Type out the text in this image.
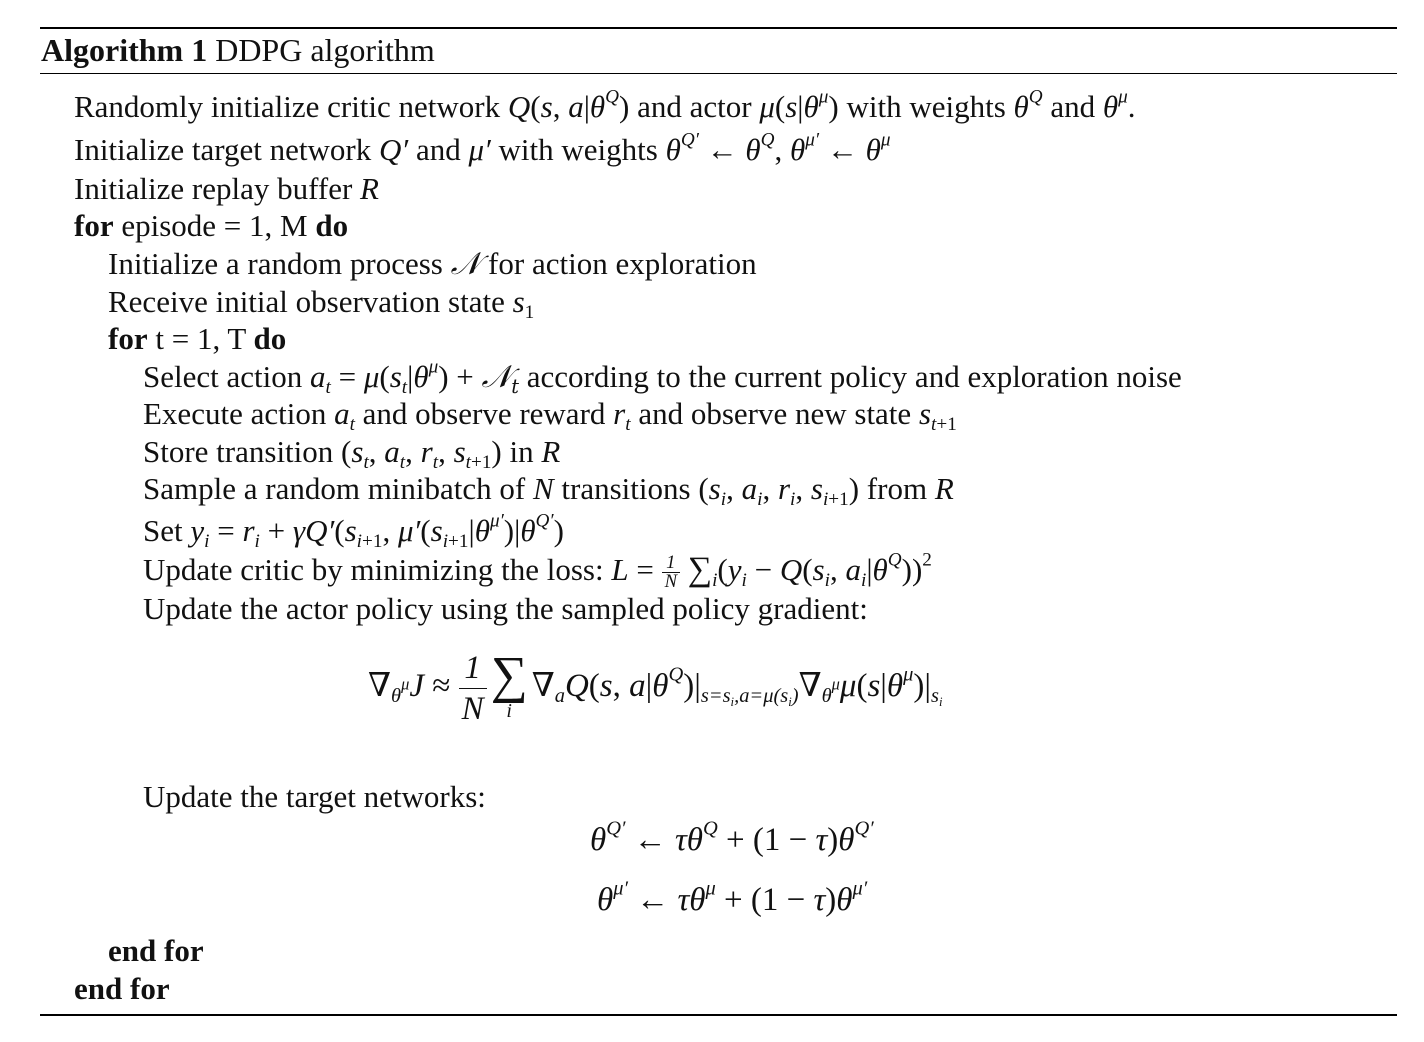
Algorithm 1 DDPG algorithm
Randomly initialize critic network Q(s, $a|\theta^Q$) and actor $\mu(s|\theta^\mu)$ with weights $\theta^Q$ and $\theta^\mu$.
Initialize target network Q′ and μ′ with weights $\theta^{Q'}$ ← $\theta^Q$, $\theta^{\mu'}$ ← $\theta^\mu$
Initialize replay buffer R
for episode = 1, M do
Initialize a random process 𝒩 for action exploration
Receive initial observation state $s_1$
for t = 1, T do
Select action $a_t = \mu(s_t|\theta^\mu)$ + 𝒩$_t$ according to the current policy and exploration noise
Execute action $a_t$ and observe reward $r_t$ and observe new state $s_{t+1}$
Store transition ($s_t$, $a_t$, $r_t$, $s_{t+1}$) in R
Sample a random minibatch of N transitions ($s_i$, $a_i$, $r_i$, $s_{i+1}$) from R
Set $y_i = r_i + \gamma Q'(s_{i+1}$, $\mu'(s_{i+1}|\theta^{\mu'})|\theta^{Q'}$)
Update critic by minimizing the loss: $L = \frac{1}{N} \sum_i(y_i - Q(s_i$, $a_i|\theta^Q))^2$
Update the actor policy using the sampled policy gradient:
$\nabla_{\theta^\mu}J \approx \frac{1}{N}$ ∑
i
$\nabla_aQ(s$, $a|\theta^Q)|_{s=s_i,a=\mu(s_i)}\nabla_{\theta^\mu}\mu(s|\theta^\mu)|_{s_i}$
Update the target networks:
$\theta^{Q'}$ ← $\tau\theta^Q + (1 - \tau)\theta^{Q'}$
$\theta^{\mu'}$ ← $\tau\theta^\mu + (1 - \tau)\theta^{\mu'}$
end for
end for
